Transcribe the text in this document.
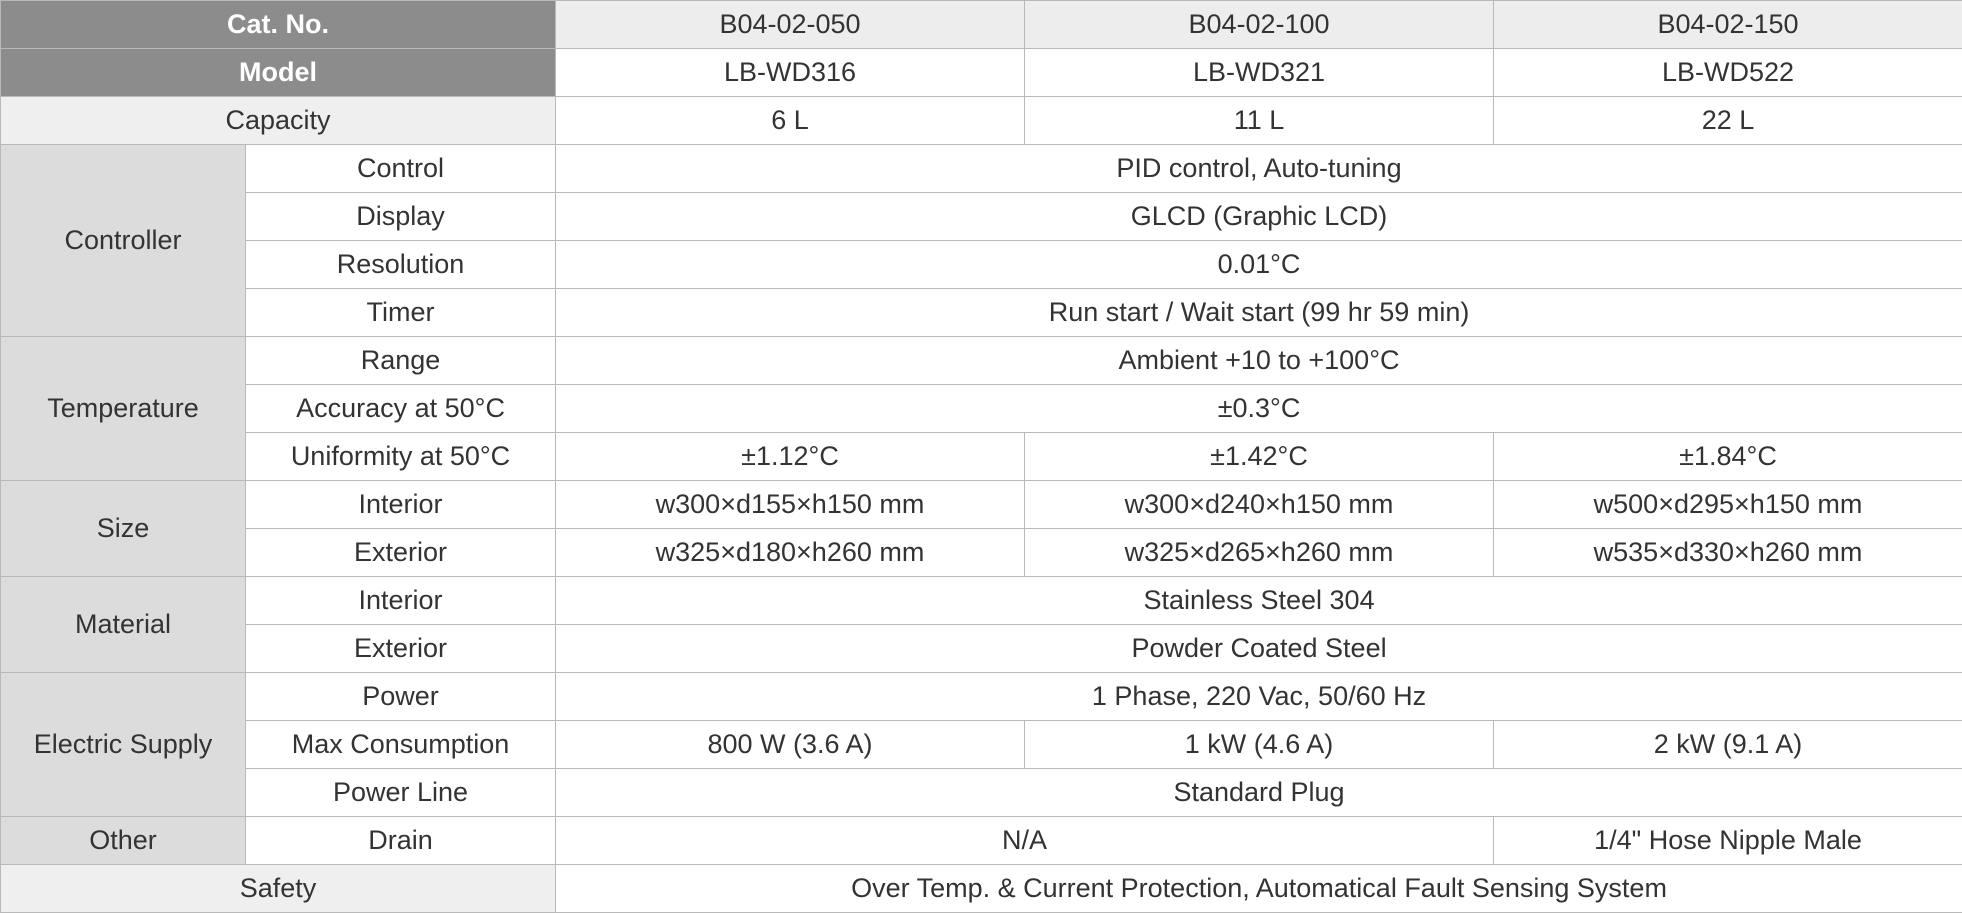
Cat. No.		B04-02-050	B04-02-100	B04-02-150
Model		LB-WD316	LB-WD321	LB-WD522
Capacity		6 L	11 L	22 L
Controller	Control	PID control, Auto-tuning		
	Display	GLCD (Graphic LCD)		
	Resolution	0.01°C		
	Timer	Run start / Wait start (99 hr 59 min)		
Temperature	Range	Ambient +10 to +100°C		
	Accuracy at 50°C	±0.3°C		
	Uniformity at 50°C	±1.12°C	±1.42°C	±1.84°C
Size	Interior	w300×d155×h150 mm	w300×d240×h150 mm	w500×d295×h150 mm
	Exterior	w325×d180×h260 mm	w325×d265×h260 mm	w535×d330×h260 mm
Material	Interior	Stainless Steel 304		
	Exterior	Powder Coated Steel		
Electric Supply	Power	1 Phase, 220 Vac, 50/60 Hz		
	Max Consumption	800 W (3.6 A)	1 kW (4.6 A)	2 kW (9.1 A)
	Power Line	Standard Plug		
Other	Drain	N/A		1/4" Hose Nipple Male
Safety		Over Temp. & Current Protection, Automatical Fault Sensing System		
